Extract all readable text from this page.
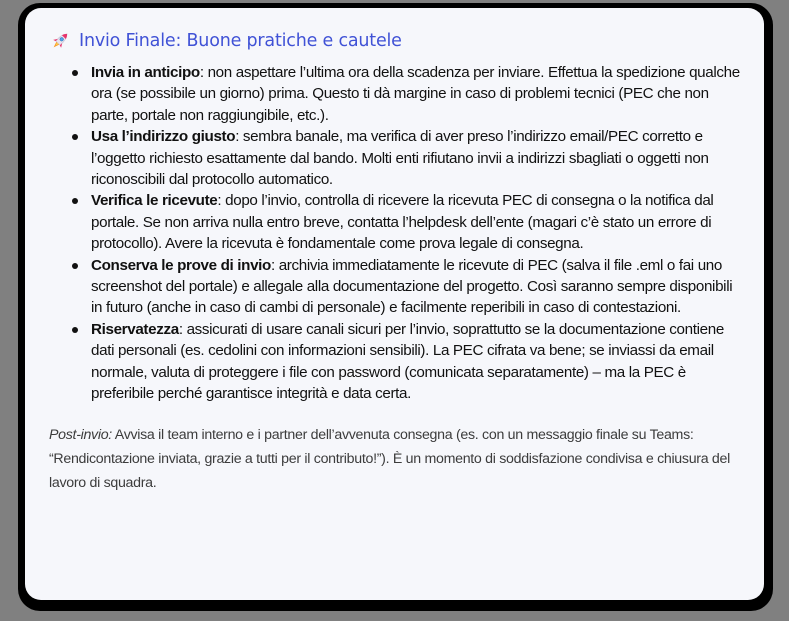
Invio Finale: Buone pratiche e cautele
Invia in anticipo: non aspettare l’ultima ora della scadenza per inviare. Effettua la spedizione qualche ora (se possibile un giorno) prima. Questo ti dà margine in caso di problemi tecnici (PEC che non parte, portale non raggiungibile, etc.).
Usa l’indirizzo giusto: sembra banale, ma verifica di aver preso l’indirizzo email/PEC corretto e l’oggetto richiesto esattamente dal bando. Molti enti rifiutano invii a indirizzi sbagliati o oggetti non riconoscibili dal protocollo automatico.
Verifica le ricevute: dopo l’invio, controlla di ricevere la ricevuta PEC di consegna o la notifica dal portale. Se non arriva nulla entro breve, contatta l’helpdesk dell’ente (magari c’è stato un errore di protocollo). Avere la ricevuta è fondamentale come prova legale di consegna.
Conserva le prove di invio: archivia immediatamente le ricevute di PEC (salva il file .eml o fai uno screenshot del portale) e allegale alla documentazione del progetto. Così saranno sempre disponibili in futuro (anche in caso di cambi di personale) e facilmente reperibili in caso di contestazioni.
Riservatezza: assicurati di usare canali sicuri per l’invio, soprattutto se la documentazione contiene dati personali (es. cedolini con informazioni sensibili). La PEC cifrata va bene; se inviassi da email normale, valuta di proteggere i file con password (comunicata separatamente) – ma la PEC è preferibile perché garantisce integrità e data certa.

Post-invio: Avvisa il team interno e i partner dell’avvenuta consegna (es. con un messaggio finale su Teams: “Rendicontazione inviata, grazie a tutti per il contributo!”). È un momento di soddisfazione condivisa e chiusura del lavoro di squadra.
